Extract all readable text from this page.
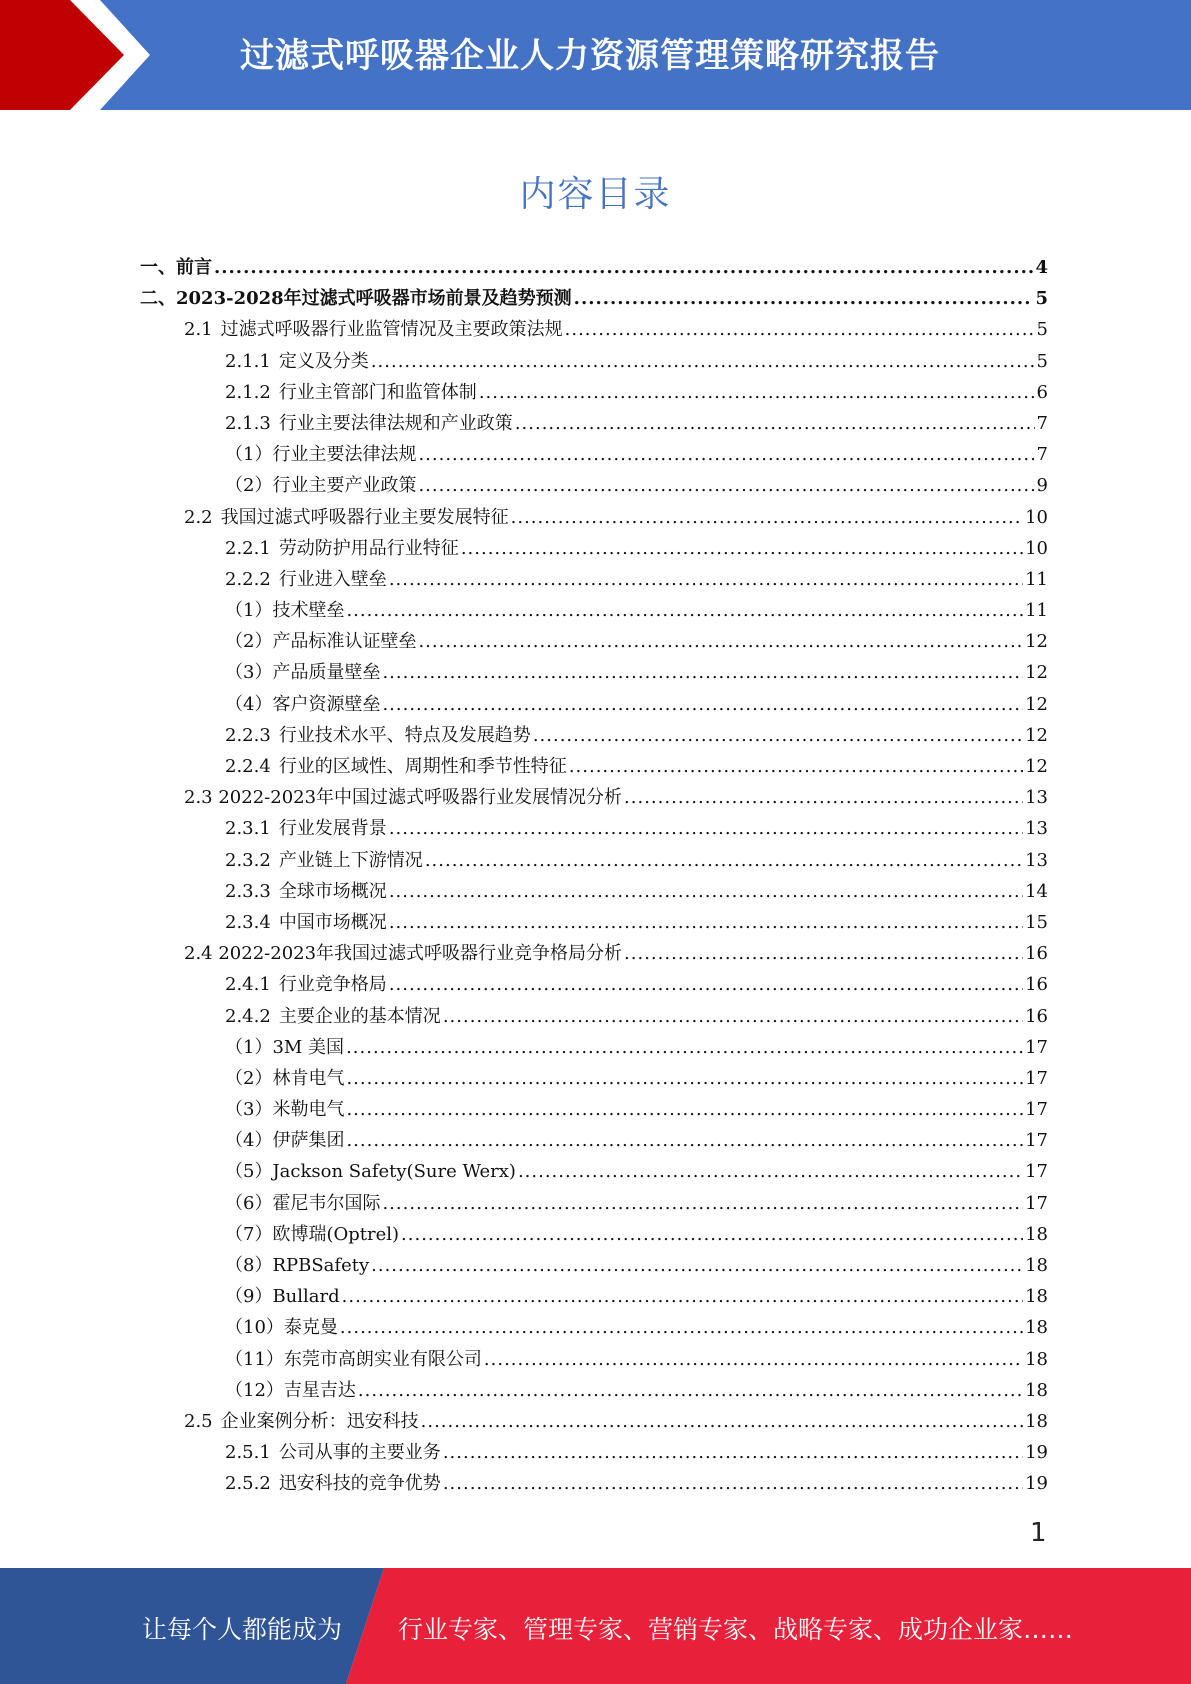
过滤式呼吸器企业人力资源管理策略研究报告
内容目录
一、前言 .....	4
二、2023-2028年过滤式呼吸器市场前景及趋势预测 .....	5
2.1 过滤式呼吸器行业监管情况及主要政策法规 .....	5
2.1.1 定义及分类 .....	5
2.1.2 行业主管部门和监管体制 .....	6
2.1.3 行业主要法律法规和产业政策 .....	7
（1）行业主要法律法规 .....	7
（2）行业主要产业政策 .....	9
2.2 我国过滤式呼吸器行业主要发展特征 .....	10
2.2.1 劳动防护用品行业特征 .....	10
2.2.2 行业进入壁垒 .....	11
（1）技术壁垒 .....	11
（2）产品标准认证壁垒 .....	12
（3）产品质量壁垒 .....	12
（4）客户资源壁垒 .....	12
2.2.3 行业技术水平、特点及发展趋势 .....	12
2.2.4 行业的区域性、周期性和季节性特征 .....	12
2.3 2022-2023年中国过滤式呼吸器行业发展情况分析 .....	13
2.3.1 行业发展背景 .....	13
2.3.2 产业链上下游情况 .....	13
2.3.3 全球市场概况 .....	14
2.3.4 中国市场概况 .....	15
2.4 2022-2023年我国过滤式呼吸器行业竞争格局分析 .....	16
2.4.1 行业竞争格局 .....	16
2.4.2 主要企业的基本情况 .....	16
（1）3M 美国 .....	17
（2）林肯电气 .....	17
（3）米勒电气 .....	17
（4）伊萨集团 .....	17
（5）Jackson Safety(Sure Werx) .....	17
（6）霍尼韦尔国际 .....	17
（7）欧博瑞(Optrel) .....	18
（8）RPBSafety .....	18
（9）Bullard .....	18
（10）泰克曼 .....	18
（11）东莞市高朗实业有限公司 .....	18
（12）吉星吉达 .....	18
2.5 企业案例分析：迅安科技 .....	18
2.5.1 公司从事的主要业务 .....	19
2.5.2 迅安科技的竞争优势 .....	19
1
让每个人都能成为 行业专家、管理专家、营销专家、战略专家、成功企业家……
